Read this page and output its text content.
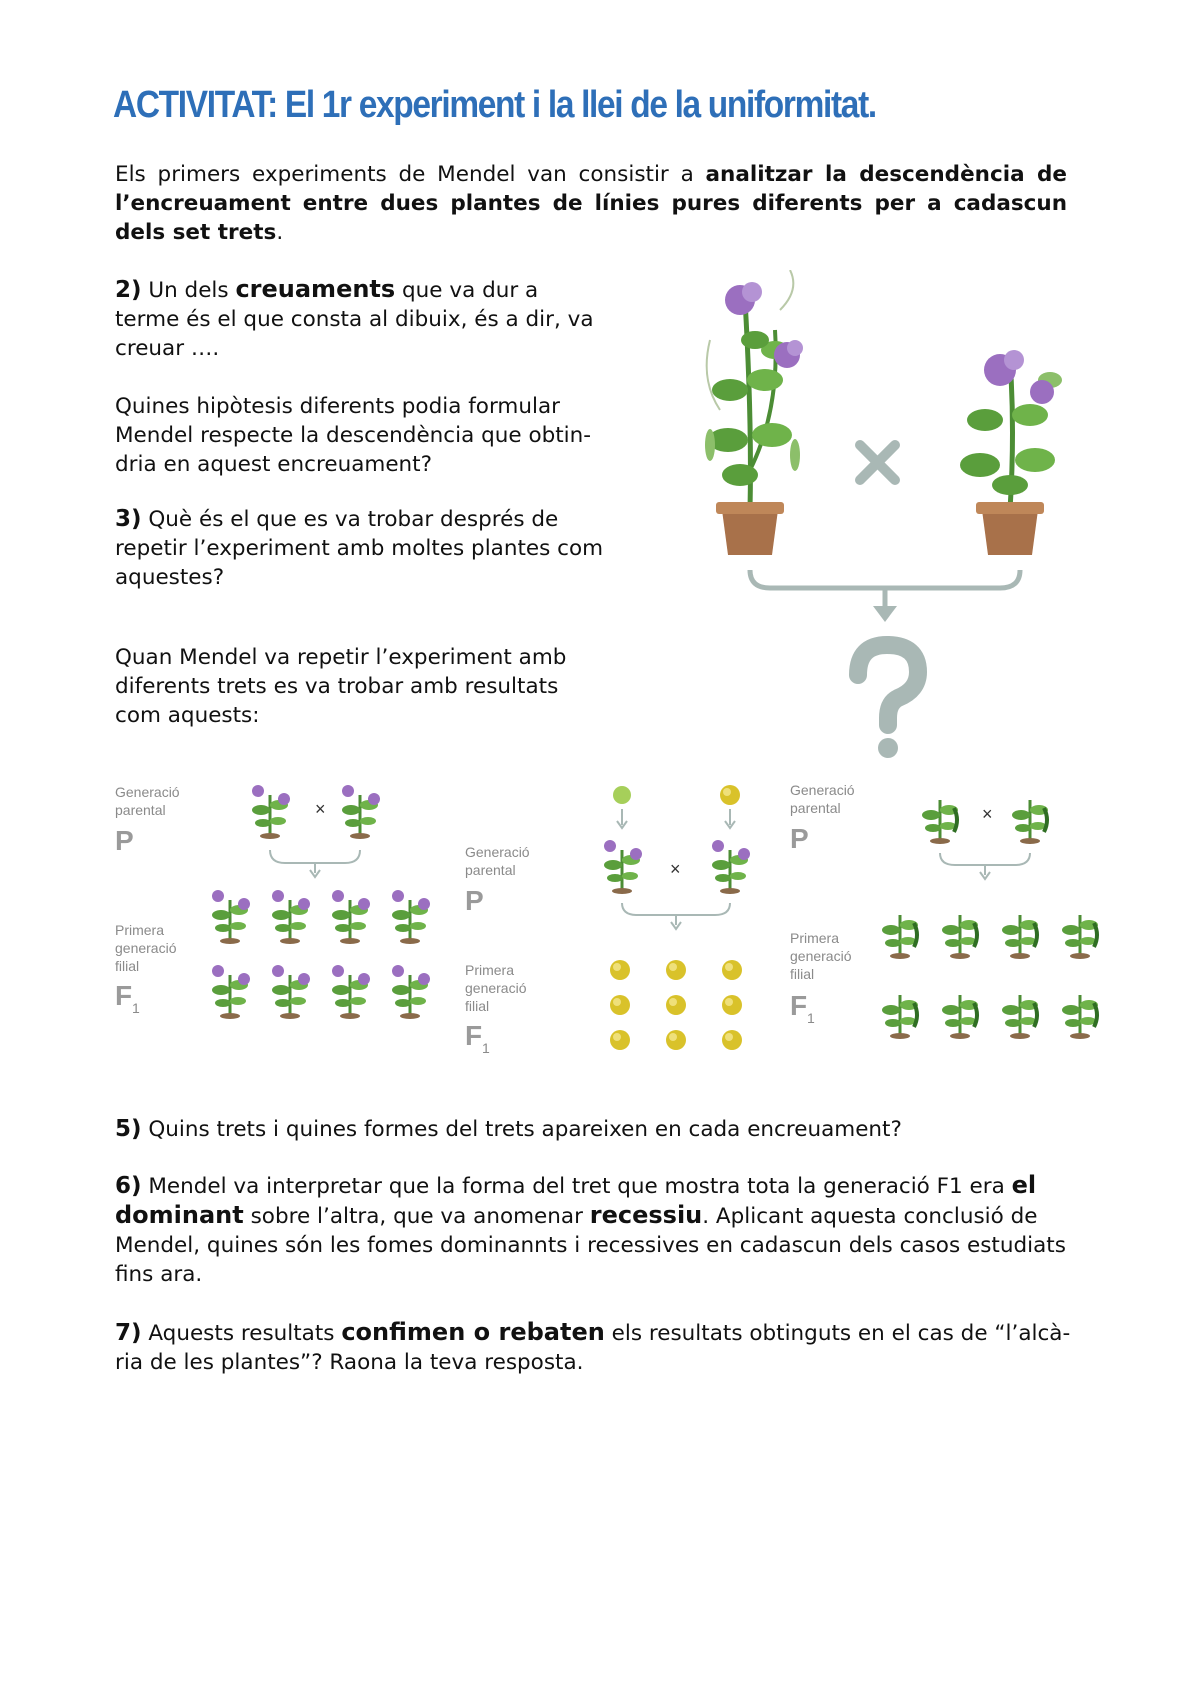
ACTIVITAT: El 1r experiment i la llei de la uniformitat.
Els primers experiments de Mendel van consistir a analitzar la descendència de l’encreuament entre dues plantes de línies pures diferents per a cadascun dels set trets.
2) Un dels creuaments que va dur a terme és el que consta al dibuix, és a dir, va creuar ….
Quines hipòtesis diferents podia formular Mendel respecte la descendència que obtin-dria en aquest encreuament?
3) Què és el que es va trobar després de repetir l’experiment amb moltes plantes com aquestes?
Quan Mendel va repetir l’experiment amb diferents trets es va trobar amb resultats com aquests:
Generació
parental
P
×
Primera
generació
filial
F 1
Generació
parental
P
×
Primera
generació
filial
F 1
Generació
parental
P
×
Primera
generació
filial
F 1
5) Quins trets i quines formes del trets apareixen en cada encreuament?
6) Mendel va interpretar que la forma del tret que mostra tota la generació F1 era el dominant sobre l’altra, que va anomenar recessiu. Aplicant aquesta conclusió de Mendel, quines són les fomes dominannts i recessives en cadascun dels casos estudiats fins ara.
7) Aquests resultats confimen o rebaten els resultats obtinguts en el cas de “l’alcà-ria de les plantes”? Raona la teva resposta.
